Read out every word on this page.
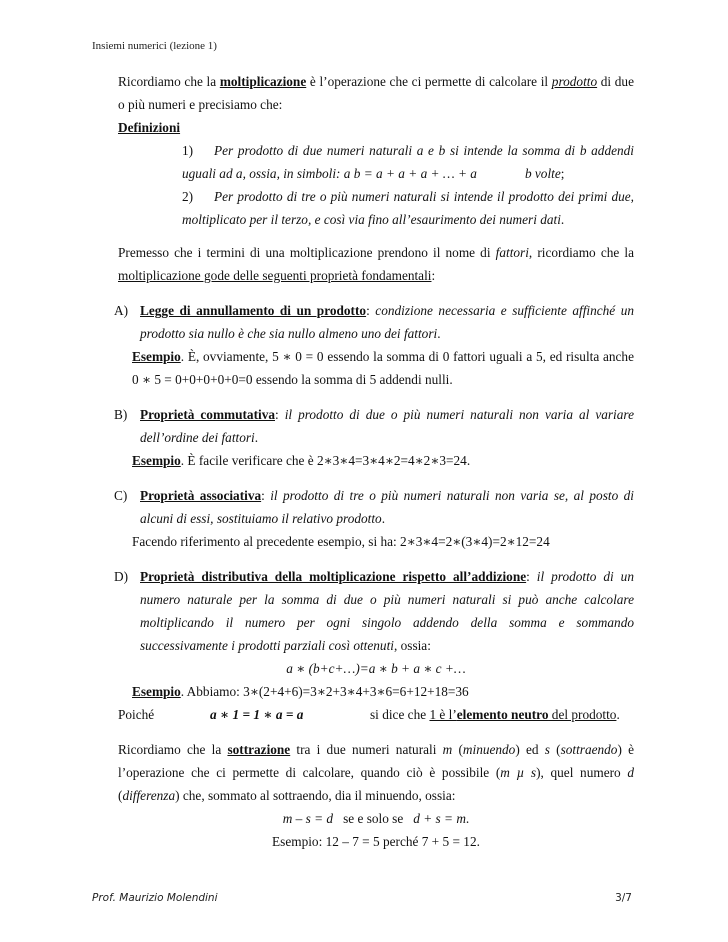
Insiemi numerici (lezione 1)

Ricordiamo che la moltiplicazione è l’operazione che ci permette di calcolare il prodotto di due o più numeri e precisiamo che:

Definizioni
1) Per prodotto di due numeri naturali a e b si intende la somma di b addendi uguali ad a, ossia, in simboli: a b = a + a + a + … + a	b volte;
2) Per prodotto di tre o più numeri naturali si intende il prodotto dei primi due, moltiplicato per il terzo, e così via fino all’esaurimento dei numeri dati.

Premesso che i termini di una moltiplicazione prendono il nome di fattori, ricordiamo che la moltiplicazione gode delle seguenti proprietà fondamentali:

A) Legge di annullamento di un prodotto: condizione necessaria e sufficiente affinché un prodotto sia nullo è che sia nullo almeno uno dei fattori.
Esempio. È, ovviamente, 5 ∗ 0 = 0 essendo la somma di 0 fattori uguali a 5, ed risulta anche 0 ∗ 5 = 0+0+0+0+0=0 essendo la somma di 5 addendi nulli.
B) Proprietà commutativa: il prodotto di due o più numeri naturali non varia al variare dell’ordine dei fattori.
Esempio. È facile verificare che è 2∗3∗4=3∗4∗2=4∗2∗3=24.
C) Proprietà associativa: il prodotto di tre o più numeri naturali non varia se, al posto di alcuni di essi, sostituiamo il relativo prodotto.
Facendo riferimento al precedente esempio, si ha: 2∗3∗4=2∗(3∗4)=2∗12=24
D) Proprietà distributiva della moltiplicazione rispetto all’addizione: il prodotto di un numero naturale per la somma di due o più numeri naturali si può anche calcolare moltiplicando il numero per ogni singolo addendo della somma e sommando successivamente i prodotti parziali così ottenuti, ossia:
a ∗ (b+c+…)=a ∗ b + a ∗ c +…
Esempio. Abbiamo: 3∗(2+4+6)=3∗2+3∗4+3∗6=6+12+18=36
Poiché	a ∗ 1 = 1 ∗ a = a	si dice che 1 è l’elemento neutro del prodotto.

Ricordiamo che la sottrazione tra i due numeri naturali m (minuendo) ed s (sottraendo) è l’operazione che ci permette di calcolare, quando ciò è possibile (m µ s), quel numero d (differenza) che, sommato al sottraendo, dia il minuendo, ossia:

m – s = d se e solo se d + s = m.
Esempio: 12 – 7 = 5 perché 7 + 5 = 12.
Prof. Maurizio Molendini	3/7
